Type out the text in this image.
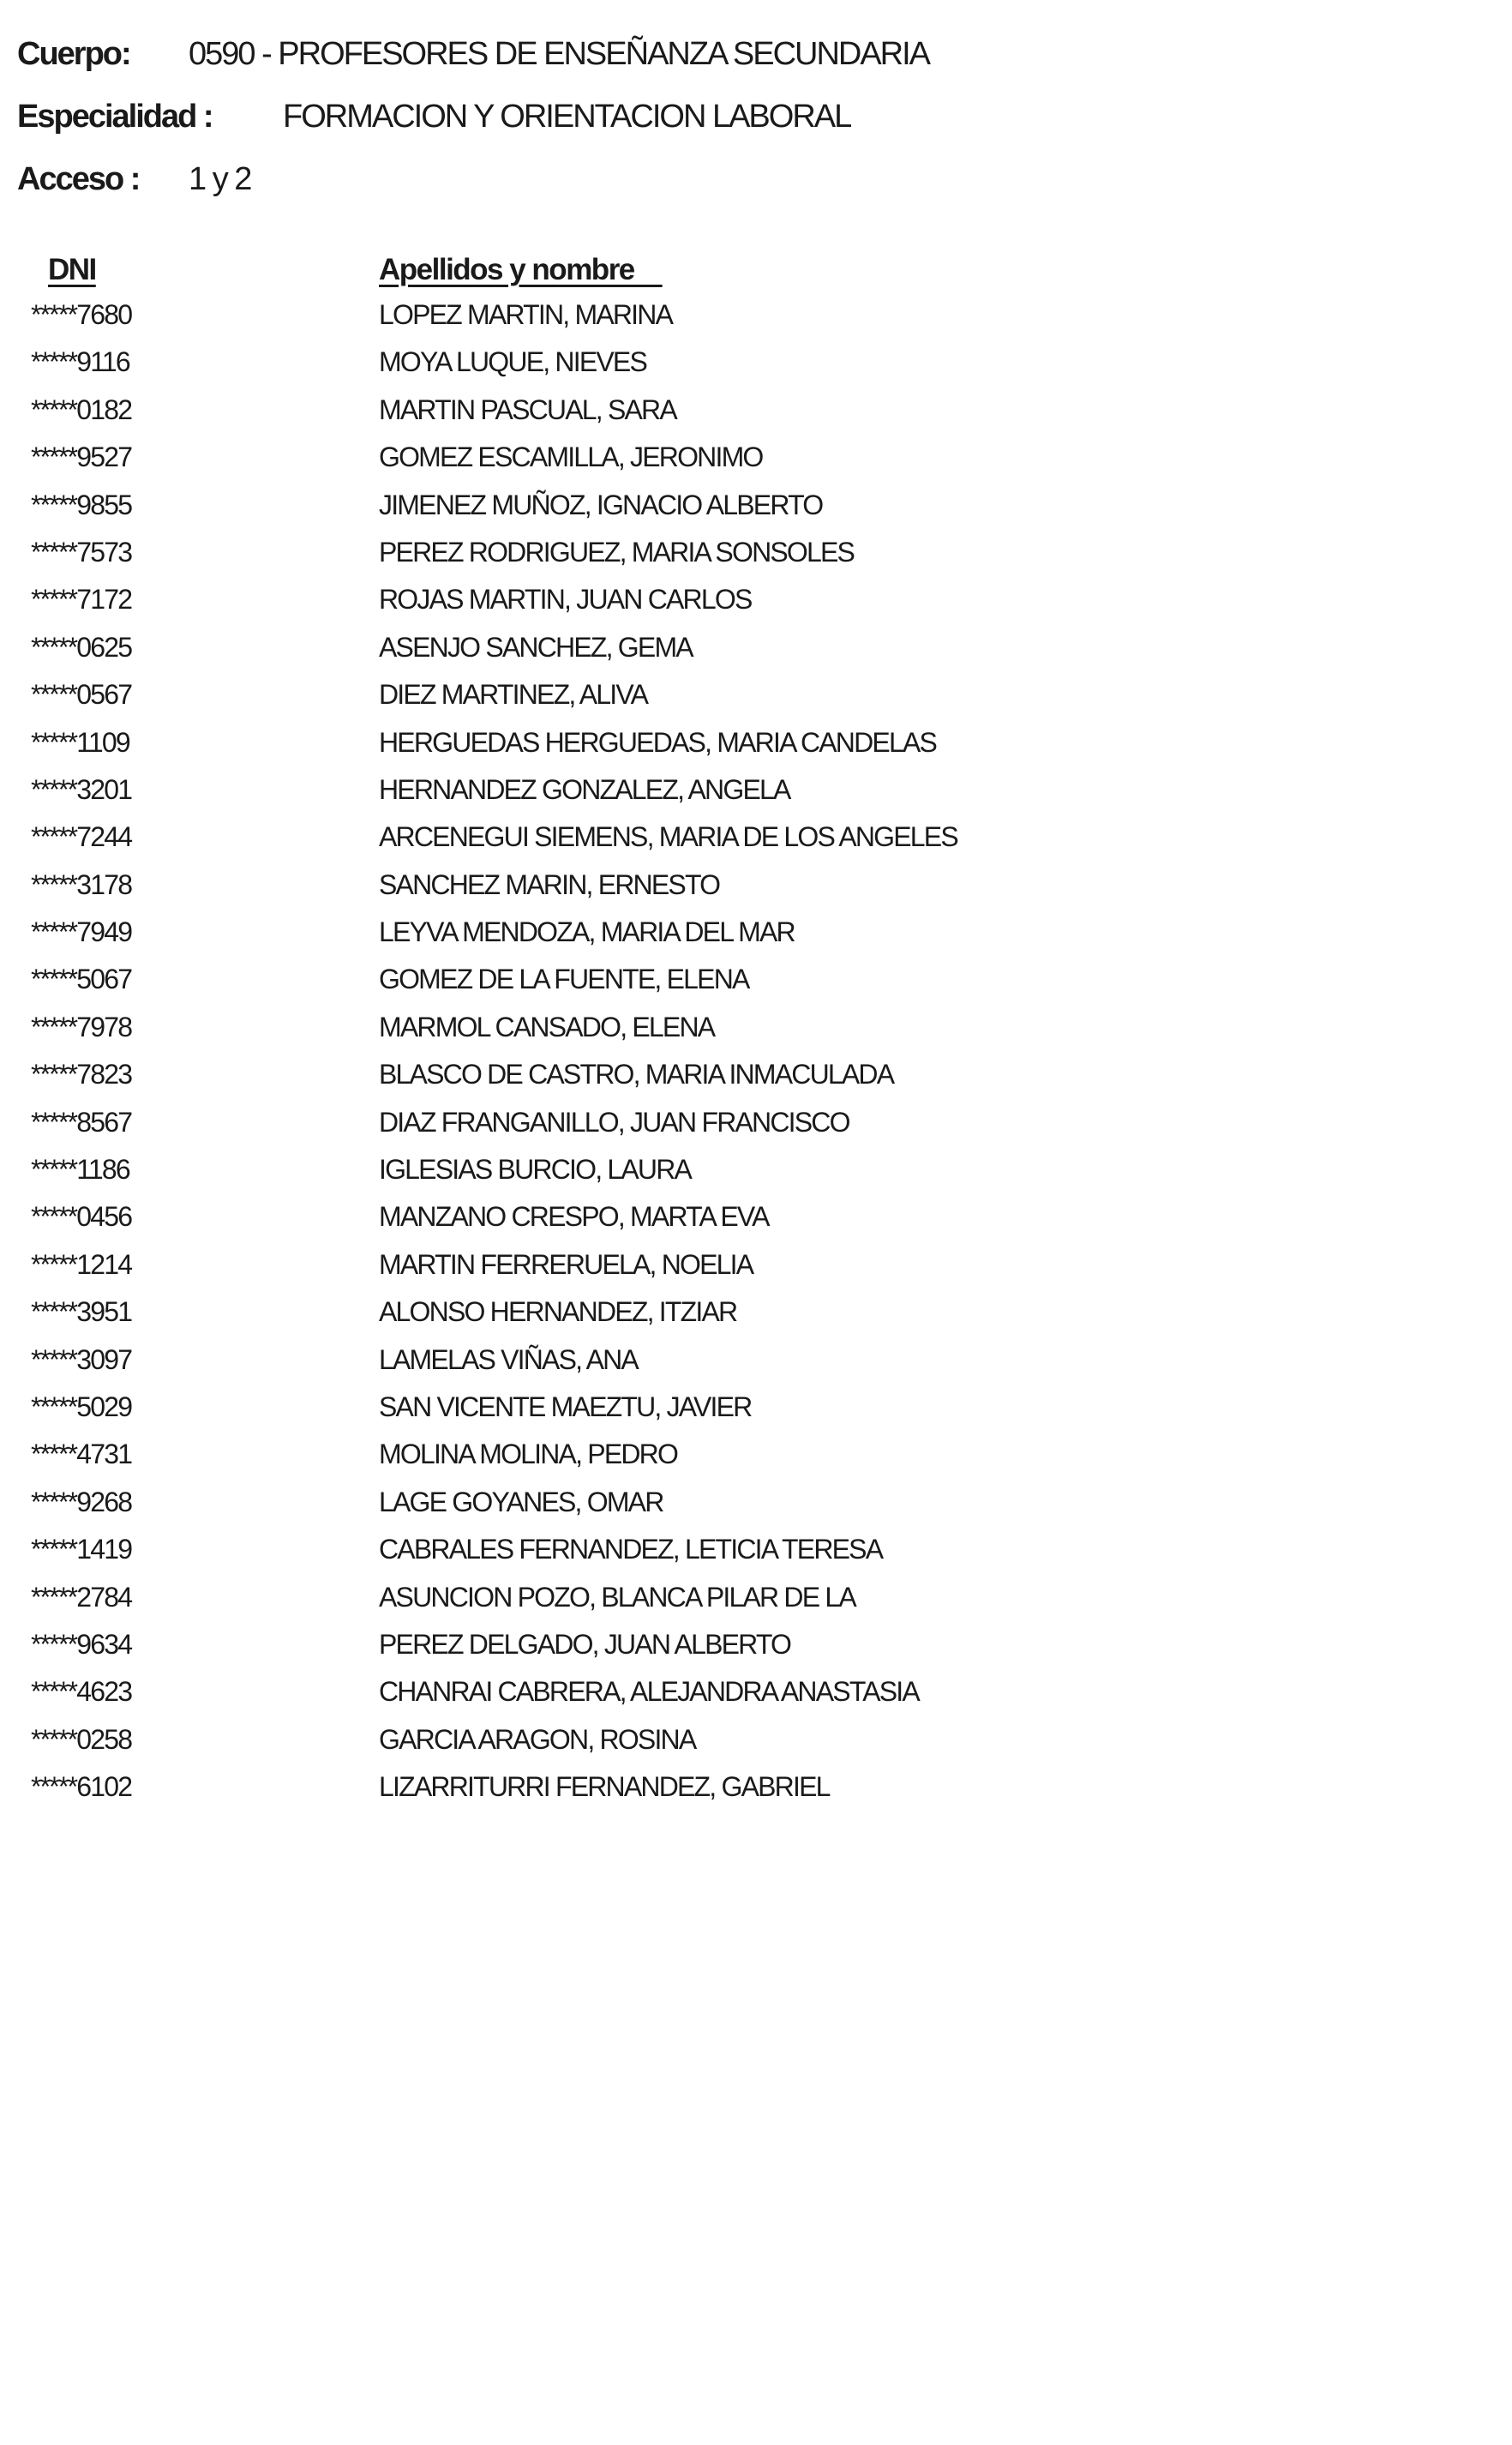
Cuerpo: 0590 - PROFESORES DE ENSEÑANZA SECUNDARIA
Especialidad : FORMACION Y ORIENTACION LABORAL
Acceso : 1 y 2
DNI	Apellidos y nombre
*****7680	LOPEZ MARTIN, MARINA
*****9116	MOYA LUQUE, NIEVES
*****0182	MARTIN PASCUAL, SARA
*****9527	GOMEZ ESCAMILLA, JERONIMO
*****9855	JIMENEZ MUÑOZ, IGNACIO ALBERTO
*****7573	PEREZ RODRIGUEZ, MARIA SONSOLES
*****7172	ROJAS MARTIN, JUAN CARLOS
*****0625	ASENJO SANCHEZ, GEMA
*****0567	DIEZ MARTINEZ, ALIVA
*****1109	HERGUEDAS HERGUEDAS, MARIA CANDELAS
*****3201	HERNANDEZ GONZALEZ, ANGELA
*****7244	ARCENEGUI SIEMENS, MARIA DE LOS ANGELES
*****3178	SANCHEZ MARIN, ERNESTO
*****7949	LEYVA MENDOZA, MARIA DEL MAR
*****5067	GOMEZ DE LA FUENTE, ELENA
*****7978	MARMOL CANSADO, ELENA
*****7823	BLASCO DE CASTRO, MARIA INMACULADA
*****8567	DIAZ FRANGANILLO, JUAN FRANCISCO
*****1186	IGLESIAS BURCIO, LAURA
*****0456	MANZANO CRESPO, MARTA EVA
*****1214	MARTIN FERRERUELA, NOELIA
*****3951	ALONSO HERNANDEZ, ITZIAR
*****3097	LAMELAS VIÑAS, ANA
*****5029	SAN VICENTE MAEZTU, JAVIER
*****4731	MOLINA MOLINA, PEDRO
*****9268	LAGE GOYANES, OMAR
*****1419	CABRALES FERNANDEZ, LETICIA TERESA
*****2784	ASUNCION POZO, BLANCA PILAR DE LA
*****9634	PEREZ DELGADO, JUAN ALBERTO
*****4623	CHANRAI CABRERA, ALEJANDRA ANASTASIA
*****0258	GARCIA ARAGON, ROSINA
*****6102	LIZARRITURRI FERNANDEZ, GABRIEL
